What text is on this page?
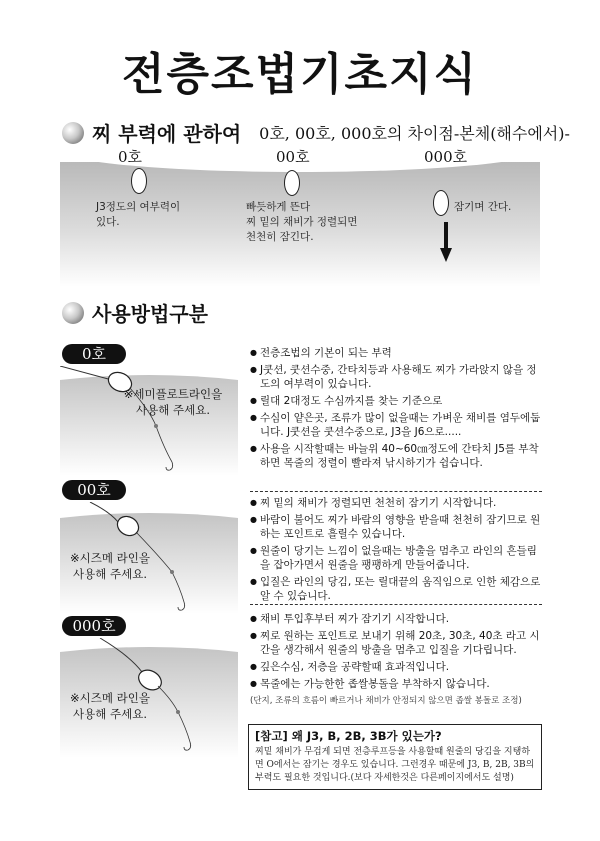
전층조법기초지식
찌 부력에 관하여 0호, 00호, 000호의 차이점-본체(해수에서)-
0호
J3정도의 여부력이
있다.
00호
빠듯하게 뜬다
찌 밑의 채비가 정렬되면
천천히 잠긴다.
000호
잠기며 간다.
사용방법구분
0호
※세미플로트라인을
사용해 주세요.
● 전층조법의 기본이 되는 부력
● J쿳션, 쿳션수중, 간타치등과 사용해도 찌가 가라앉지 않을 정도의 여부력이 있습니다.
● 릴대 2대정도 수심까지를 찾는 기준으로
● 수심이 얕은곳, 조류가 많이 없을때는 가벼운 채비를 염두에둡니다. J쿳션을 쿳션수중으로, J3을 J6으로.....
● 사용을 시작할때는 바늘위 40~60㎝정도에 간타치 J5를 부착하면 목줄의 정렬이 빨라져 낚시하기가 쉽습니다.
00호
※시즈메 라인을
사용해 주세요.
● 찌 밑의 채비가 정렬되면 천천히 잠기기 시작합니다.
● 바람이 불어도 찌가 바람의 영향을 받을때 천천히 잠기므로 원하는 포인트로 흘릴수 있습니다.
● 원줄이 당기는 느낌이 없을때는 방출을 멈추고 라인의 흔들림을 잡아가면서 원줄을 팽팽하게 만들어줍니다.
● 입질은 라인의 당김, 또는 릴대끝의 움직임으로 인한 체감으로 알 수 있습니다.
000호
※시즈메 라인을
사용해 주세요.
● 채비 투입후부터 찌가 잠기기 시작합니다.
● 찌로 원하는 포인트로 보내기 위해 20초, 30초, 40초 라고 시간을 생각해서 원줄의 방출을 멈추고 입질을 기다립니다.
● 깊은수심, 저층을 공략할때 효과적입니다.
● 목줄에는 가능한한 좁쌀봉돌을 부착하지 않습니다.
(단지, 조류의 흐름이 빠르거나 채비가 안정되지 않으면 좁쌀 봉돌로 조정)
[참고] 왜 J3, B, 2B, 3B가 있는가?
찌밑 채비가 무겁게 되면 전층루프등을 사용할때 원줄의 당김을 지탱하
면 O에서는 잠기는 경우도 있습니다. 그런경우 때문에 J3, B, 2B, 3B의
부력도 필요한 것입니다.(보다 자세한것은 다른페이지에서도 설명)
